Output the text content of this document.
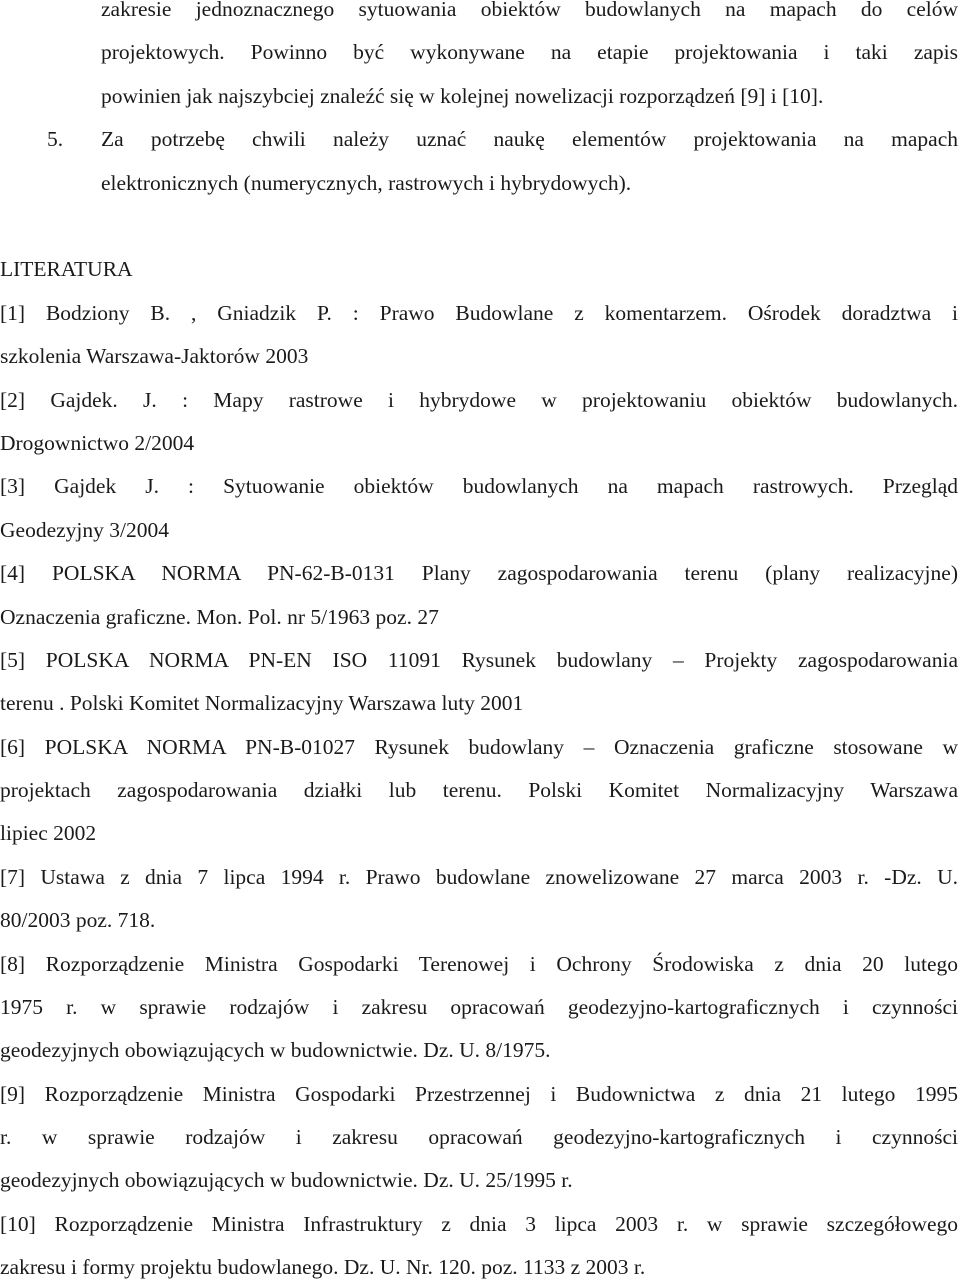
zakresie jednoznacznego sytuowania obiektów budowlanych na mapach do celów
projektowych. Powinno być wykonywane na etapie projektowania i taki zapis
powinien jak najszybciej znaleźć się w kolejnej nowelizacji rozporządzeń [9] i [10].
5. Za potrzebę chwili należy uznać naukę elementów projektowania na mapach
elektronicznych (numerycznych, rastrowych i hybrydowych).
LITERATURA
[1] Bodziony B. , Gniadzik P. : Prawo Budowlane z komentarzem. Ośrodek doradztwa i
szkolenia Warszawa-Jaktorów 2003
[2] Gajdek. J. : Mapy rastrowe i hybrydowe w projektowaniu obiektów budowlanych.
Drogownictwo 2/2004
[3] Gajdek J. : Sytuowanie obiektów budowlanych na mapach rastrowych. Przegląd
Geodezyjny 3/2004
[4] POLSKA NORMA PN-62-B-0131 Plany zagospodarowania terenu (plany realizacyjne)
Oznaczenia graficzne. Mon. Pol. nr 5/1963 poz. 27
[5] POLSKA NORMA PN-EN ISO 11091 Rysunek budowlany – Projekty zagospodarowania
terenu . Polski Komitet Normalizacyjny Warszawa luty 2001
[6] POLSKA NORMA PN-B-01027 Rysunek budowlany – Oznaczenia graficzne stosowane w
projektach zagospodarowania działki lub terenu. Polski Komitet Normalizacyjny Warszawa
lipiec 2002
[7] Ustawa z dnia 7 lipca 1994 r. Prawo budowlane znowelizowane 27 marca 2003 r. -Dz. U.
80/2003 poz. 718.
[8] Rozporządzenie Ministra Gospodarki Terenowej i Ochrony Środowiska z dnia 20 lutego
1975 r. w sprawie rodzajów i zakresu opracowań geodezyjno-kartograficznych i czynności
geodezyjnych obowiązujących w budownictwie. Dz. U. 8/1975.
[9] Rozporządzenie Ministra Gospodarki Przestrzennej i Budownictwa z dnia 21 lutego 1995
r. w sprawie rodzajów i zakresu opracowań geodezyjno-kartograficznych i czynności
geodezyjnych obowiązujących w budownictwie. Dz. U. 25/1995 r.
[10] Rozporządzenie Ministra Infrastruktury z dnia 3 lipca 2003 r. w sprawie szczegółowego
zakresu i formy projektu budowlanego. Dz. U. Nr. 120. poz. 1133 z 2003 r.
